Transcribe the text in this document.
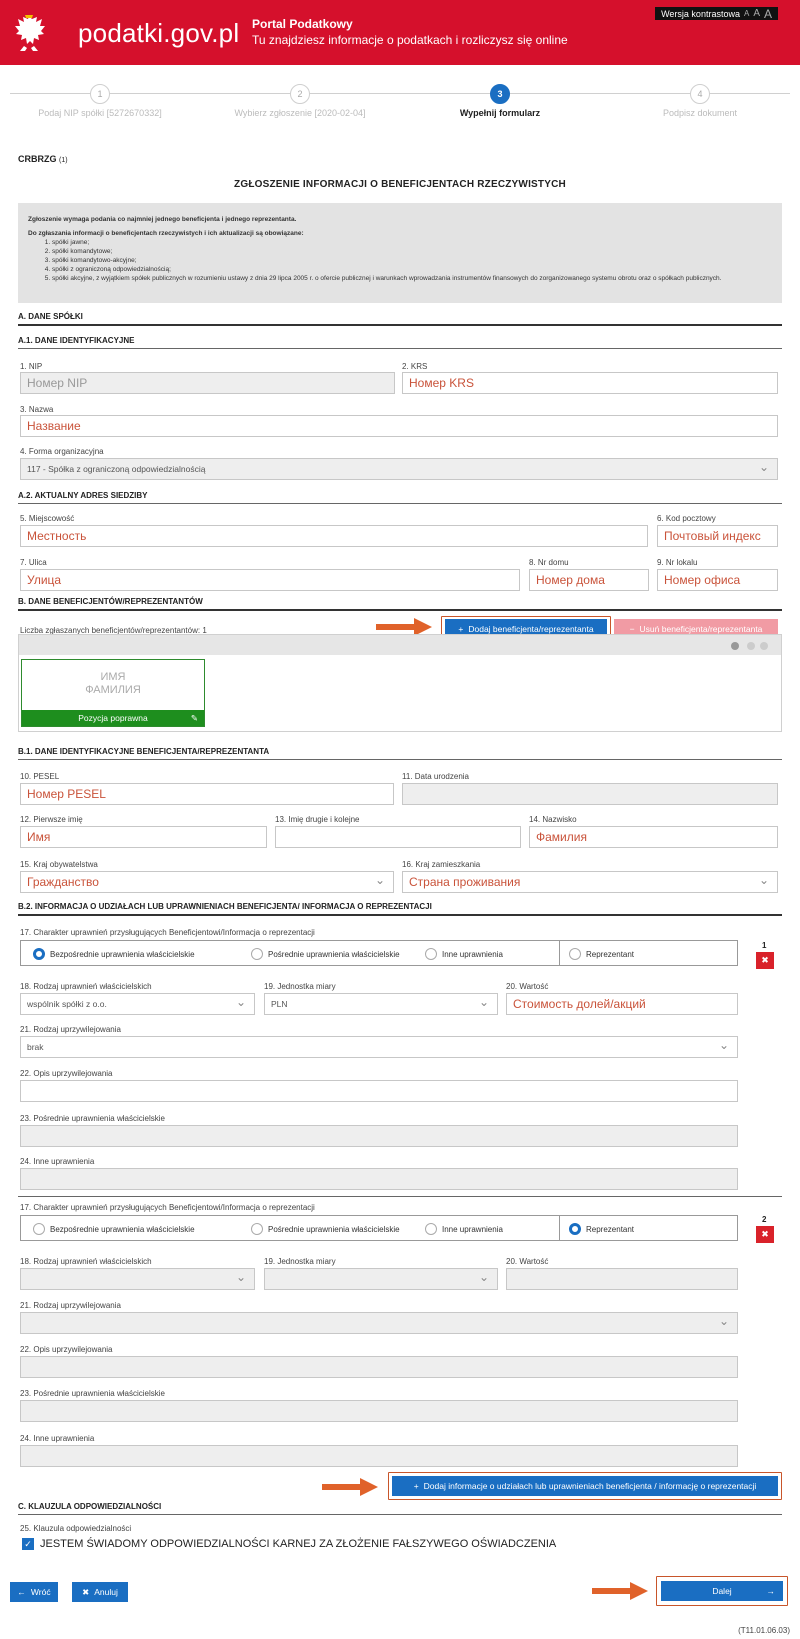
podatki.gov.pl Portal Podatkowy
Tu znajdziesz informacje o podatkach i rozliczysz się online
Wersja kontrastowa A A A
1
Podaj NIP spółki [5272670332]
2
Wybierz zgłoszenie [2020-02-04]
3
Wypełnij formularz
4
Podpisz dokument
CRBRZG (1)
ZGŁOSZENIE INFORMACJI O BENEFICJENTACH RZECZYWISTYCH

Zgłoszenie wymaga podania co najmniej jednego beneficjenta i jednego reprezentanta.

Do zgłaszania informacji o beneficjentach rzeczywistych i ich aktualizacji są obowiązane:

1. spółki jawne;
2. spółki komandytowe;
3. spółki komandytowo-akcyjne;
4. spółki z ograniczoną odpowiedzialnością;
5. spółki akcyjne, z wyjątkiem spółek publicznych w rozumieniu ustawy z dnia 29 lipca 2005 r. o ofercie publicznej i warunkach wprowadzania instrumentów finansowych do zorganizowanego systemu obrotu oraz o spółkach publicznych.
A. DANE SPÓŁKI
A.1. DANE IDENTYFIKACYJNE
1. NIP
Номер NIP
2. KRS
Номер KRS
3. Nazwa
Название
4. Forma organizacyjna
117 - Spółka z ograniczoną odpowiedzialnością ⌄
A.2. AKTUALNY ADRES SIEDZIBY
5. Miejscowość
Местность
6. Kod pocztowy
Почтовый индекс
7. Ulica
Улица
8. Nr domu
Номер дома
9. Nr lokalu
Номер офиса
B. DANE BENEFICJENTÓW/REPREZENTANTÓW
Liczba zgłaszanych beneficjentów/reprezentantów: 1	+ Dodaj beneficjenta/reprezentanta	− Usuń beneficjenta/reprezentanta
ИМЯ
ФАМИЛИЯ
Pozycja poprawna	✎
B.1. DANE IDENTYFIKACYJNE BENEFICJENTA/REPREZENTANTA
10. PESEL
Номер PESEL
11. Data urodzenia
12. Pierwsze imię
Имя
13. Imię drugie i kolejne	14. Nazwisko
Фамилия
15. Kraj obywatelstwa
Гражданство ⌄
16. Kraj zamieszkania
Страна проживания ⌄
B.2. INFORMACJA O UDZIAŁACH LUB UPRAWNIENIACH BENEFICJENTA/ INFORMACJA O REPREZENTACJI
17. Charakter uprawnień przysługujących Beneficjentowi/Informacja o reprezentacji
Bezpośrednie uprawnienia właścicielskie	Pośrednie uprawnienia właścicielskie	Inne uprawnienia	Reprezentant
1
✖
18. Rodzaj uprawnień właścicielskich
wspólnik spółki z o.o. ⌄
19. Jednostka miary
PLN ⌄
20. Wartość
Стоимость долей/акций
21. Rodzaj uprzywilejowania
brak ⌄
22. Opis uprzywilejowania
23. Pośrednie uprawnienia właścicielskie
24. Inne uprawnienia
17. Charakter uprawnień przysługujących Beneficjentowi/Informacja o reprezentacji
Bezpośrednie uprawnienia właścicielskie	Pośrednie uprawnienia właścicielskie	Inne uprawnienia	Reprezentant
2
✖
18. Rodzaj uprawnień właścicielskich
⌄	19. Jednostka miary
⌄	20. Wartość
21. Rodzaj uprzywilejowania
⌄
22. Opis uprzywilejowania
23. Pośrednie uprawnienia właścicielskie
24. Inne uprawnienia
+ Dodaj informacje o udziałach lub uprawnieniach beneficjenta / informację o reprezentacji
C. KLAUZULA ODPOWIEDZIALNOŚCI
25. Klauzula odpowiedzialności
✓ JESTEM ŚWIADOMY ODPOWIEDZIALNOŚCI KARNEJ ZA ZŁOŻENIE FAŁSZYWEGO OŚWIADCZENIA
← Wróć	✖ Anuluj	Dalej	→
(T11.01.06.03)
